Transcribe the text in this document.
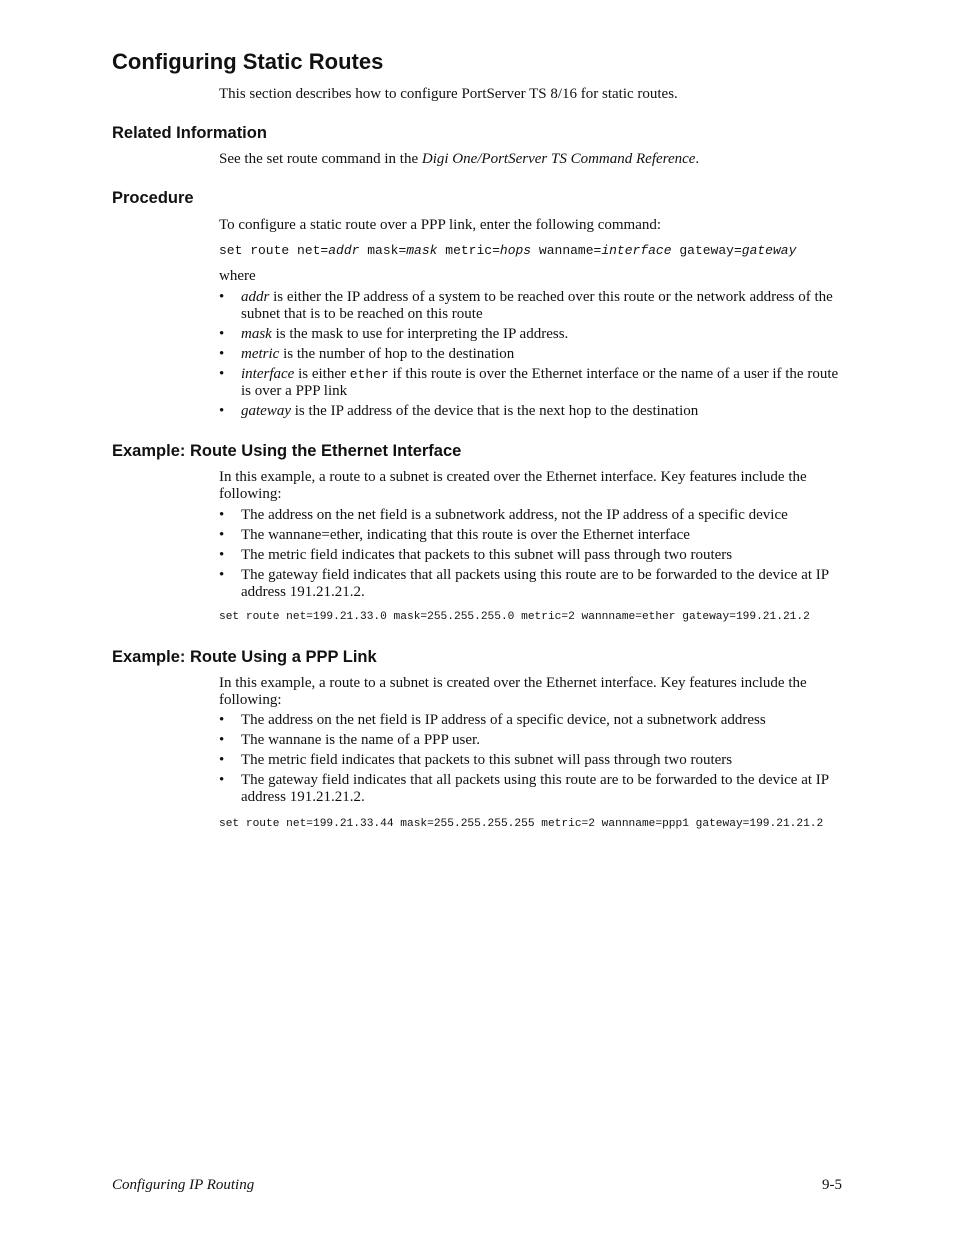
Configuring Static Routes

This section describes how to configure PortServer TS 8/16 for static routes.

Related Information

See the set route command in the Digi One/PortServer TS Command Reference.

Procedure

To configure a static route over a PPP link, enter the following command:

set route net=addr mask=mask metric=hops wanname=interface gateway=gateway

where

• addr is either the IP address of a system to be reached over this route or the network address of the subnet that is to be reached on this route
• mask is the mask to use for interpreting the IP address.
• metric is the number of hop to the destination
• interface is either ether if this route is over the Ethernet interface or the name of a user if the route is over a PPP link
• gateway is the IP address of the device that is the next hop to the destination
Example: Route Using the Ethernet Interface

In this example, a route to a subnet is created over the Ethernet interface. Key features include the following:

• The address on the net field is a subnetwork address, not the IP address of a specific device
• The wannane=ether, indicating that this route is over the Ethernet interface
• The metric field indicates that packets to this subnet will pass through two routers
• The gateway field indicates that all packets using this route are to be forwarded to the device at IP address 191.21.21.2.

set route net=199.21.33.0 mask=255.255.255.0 metric=2 wannname=ether gateway=199.21.21.2

Example: Route Using a PPP Link

In this example, a route to a subnet is created over the Ethernet interface. Key features include the following:

• The address on the net field is IP address of a specific device, not a subnetwork address
• The wannane is the name of a PPP user.
• The metric field indicates that packets to this subnet will pass through two routers
• The gateway field indicates that all packets using this route are to be forwarded to the device at IP address 191.21.21.2.

set route net=199.21.33.44 mask=255.255.255.255 metric=2 wannname=ppp1 gateway=199.21.21.2

Configuring IP Routing	9-5
